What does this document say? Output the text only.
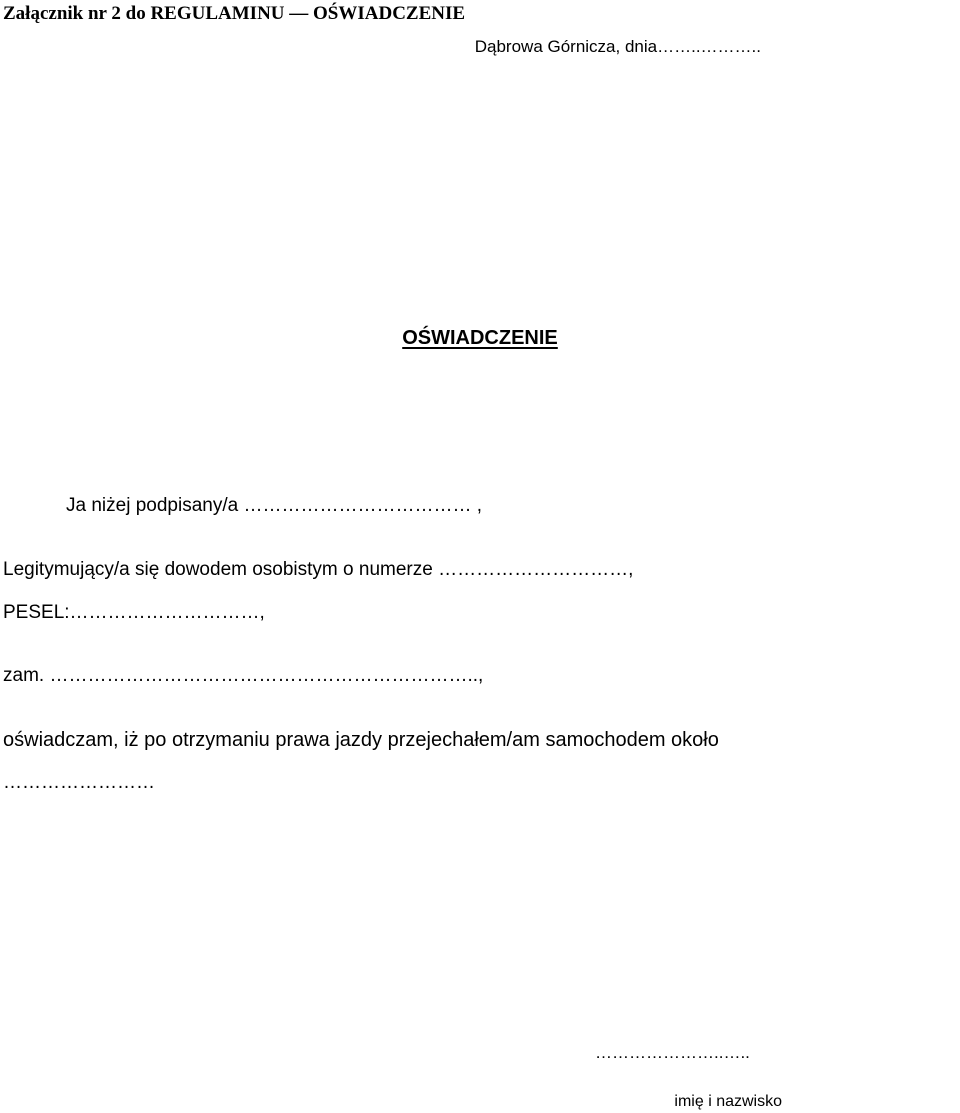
Załącznik nr 2 do REGULAMINU — OŚWIADCZENIE
Dąbrowa Górnicza, dnia……..………..
OŚWIADCZENIE
Ja niżej podpisany/a ……………………………… ,
Legitymujący/a się dowodem osobistym o numerze …………………………,
PESEL:…………………………,
zam. …………………………………………………………..,
oświadczam, iż po otrzymaniu prawa jazdy przejechałem/am samochodem około
……………………
…………………..…..
imię i nazwisko
